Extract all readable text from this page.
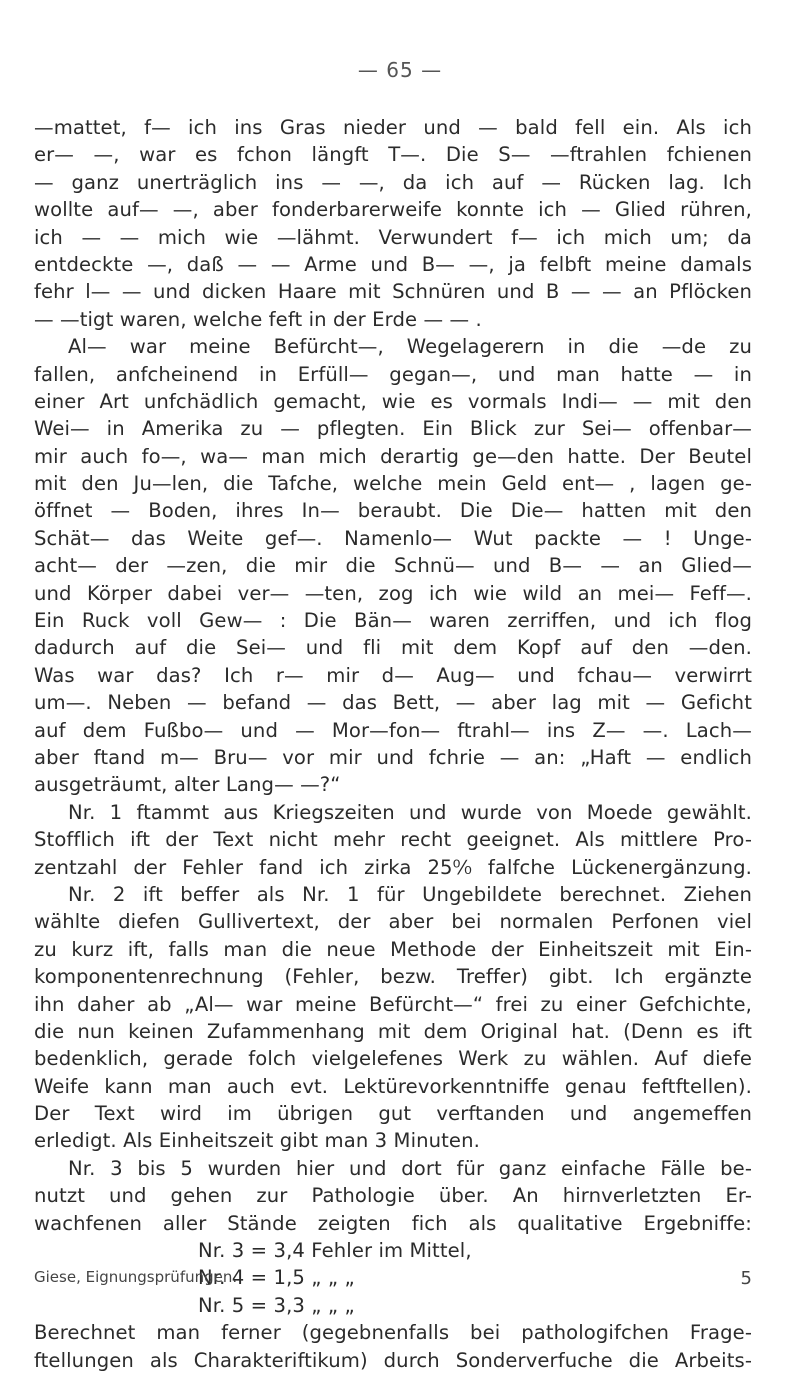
— 65 —
—mattet, f— ich ins Gras nieder und — bald fell ein. Als ich
er— —, war es fchon längft T—. Die S— —ftrahlen fchienen
— ganz unerträglich ins — —, da ich auf — Rücken lag. Ich
wollte auf— —, aber fonderbarerweife konnte ich — Glied rühren,
ich — — mich wie —lähmt. Verwundert f— ich mich um; da
entdeckte —, daß — — Arme und B— —, ja felbft meine damals
fehr l— — und dicken Haare mit Schnüren und B — — an Pflöcken
— —tigt waren, welche feft in der Erde — — .
Al— war meine Befürcht—, Wegelagerern in die —de zu
fallen, anfcheinend in Erfüll— gegan—, und man hatte — in
einer Art unfchädlich gemacht, wie es vormals Indi— — mit den
Wei— in Amerika zu — pflegten. Ein Blick zur Sei— offenbar—
mir auch fo—, wa— man mich derartig ge—den hatte. Der Beutel
mit den Ju—len, die Tafche, welche mein Geld ent— , lagen ge-
öffnet — Boden, ihres In— beraubt. Die Die— hatten mit den
Schät— das Weite gef—. Namenlo— Wut packte — ! Unge-
acht— der —zen, die mir die Schnü— und B— — an Glied—
und Körper dabei ver— —ten, zog ich wie wild an mei— Feff—.
Ein Ruck voll Gew— : Die Bän— waren zerriffen, und ich flog
dadurch auf die Sei— und fli mit dem Kopf auf den —den.
Was war das? Ich r— mir d— Aug— und fchau— verwirrt
um—. Neben — befand — das Bett, — aber lag mit — Geficht
auf dem Fußbo— und — Mor—fon— ftrahl— ins Z— —. Lach—
aber ftand m— Bru— vor mir und fchrie — an: „Haft — endlich
ausgeträumt, alter Lang— —?“
Nr. 1 ftammt aus Kriegszeiten und wurde von Moede gewählt.
Stofflich ift der Text nicht mehr recht geeignet. Als mittlere Pro-
zentzahl der Fehler fand ich zirka 25⁰⁄₀ falfche Lückenergänzung.
Nr. 2 ift beffer als Nr. 1 für Ungebildete berechnet. Ziehen
wählte diefen Gullivertext, der aber bei normalen Perfonen viel
zu kurz ift, falls man die neue Methode der Einheitszeit mit Ein-
komponentenrechnung (Fehler, bezw. Treffer) gibt. Ich ergänzte
ihn daher ab „Al— war meine Befürcht—“ frei zu einer Gefchichte,
die nun keinen Zufammenhang mit dem Original hat. (Denn es ift
bedenklich, gerade folch vielgelefenes Werk zu wählen. Auf diefe
Weife kann man auch evt. Lektürevorkenntniffe genau feftftellen).
Der Text wird im übrigen gut verftanden und angemeffen
erledigt. Als Einheitszeit gibt man 3 Minuten.
Nr. 3 bis 5 wurden hier und dort für ganz einfache Fälle be-
nutzt und gehen zur Pathologie über. An hirnverletzten Er-
wachfenen aller Stände zeigten fich als qualitative Ergebniffe:
Nr. 3 = 3,4 Fehler im Mittel,
Nr. 4 = 1,5 „ „ „
Nr. 5 = 3,3 „ „ „
Berechnet man ferner (gegebnenfalls bei pathologifchen Frage-
ftellungen als Charakteriftikum) durch Sonderverfuche die Arbeits-
Giese, Eignungsprüfungen.	5
